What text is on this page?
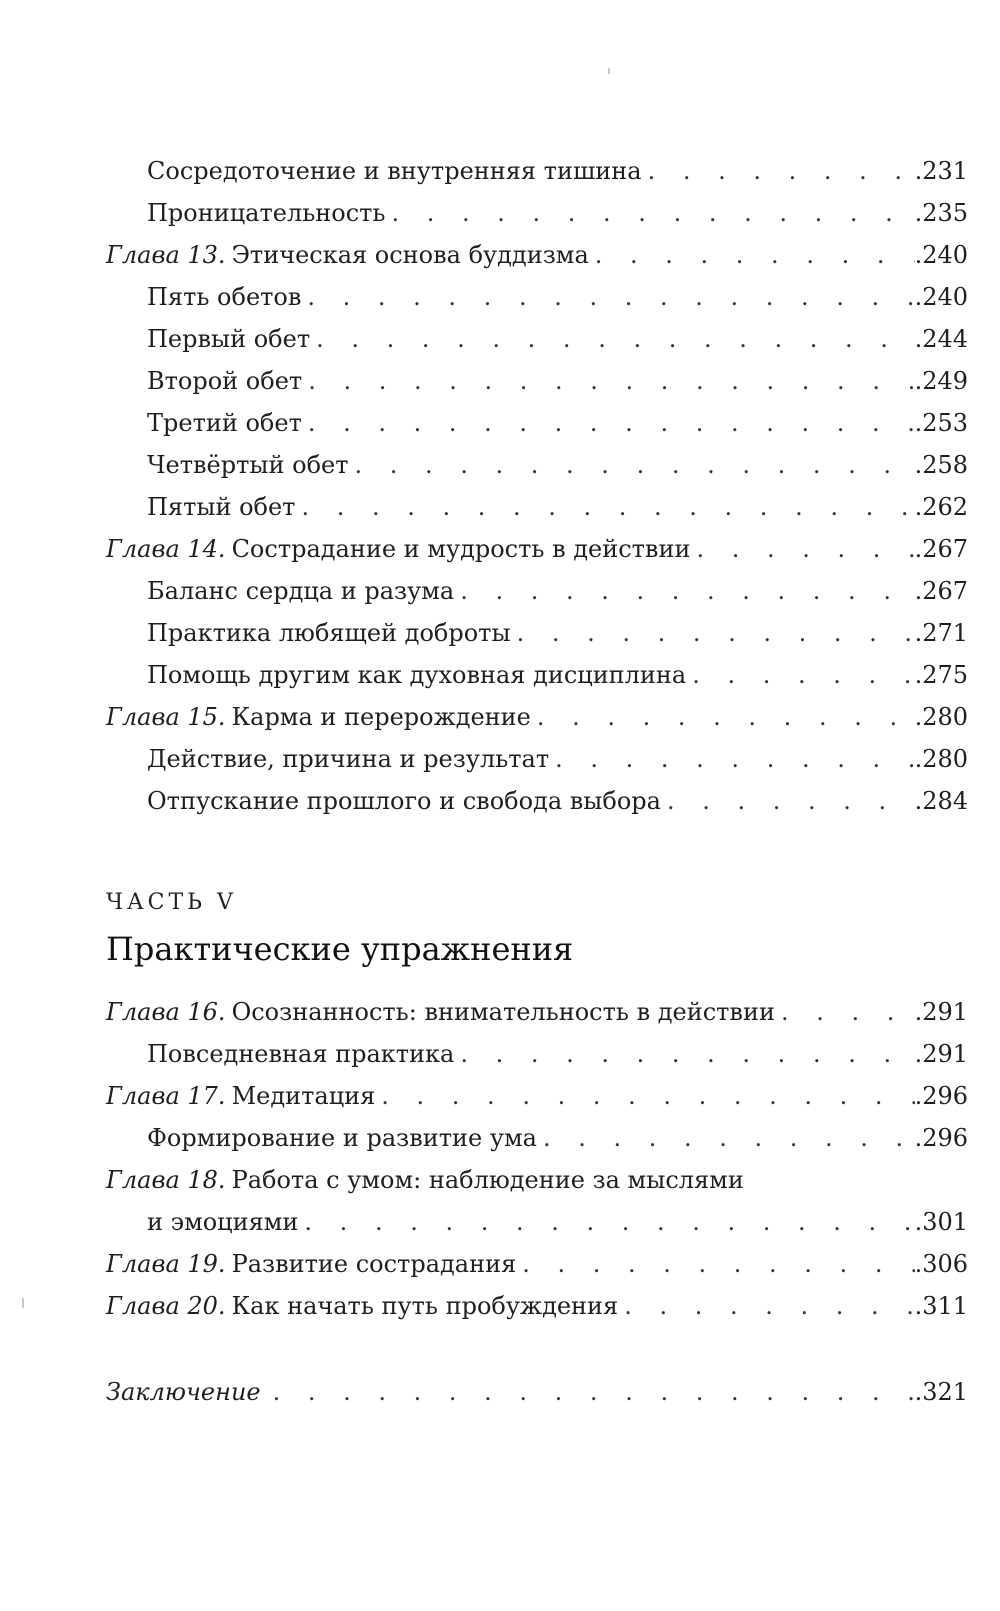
Сосредоточение и внутренняя тишина . . .	.231
Проницательность . . .	.235
Глава 13. Этическая основа буддизма . . .	.240
Пять обетов . . .	.240
Первый обет . . .	.244
Второй обет . . .	.249
Третий обет . . .	.253
Четвёртый обет . . .	.258
Пятый обет . . .	.262
Глава 14. Сострадание и мудрость в действии . . .	.267
Баланс сердца и разума . . .	.267
Практика любящей доброты . . .	.271
Помощь другим как духовная дисциплина . . .	.275
Глава 15. Карма и перерождение . . .	.280
Действие, причина и результат . . .	.280
Отпускание прошлого и свобода выбора . . .	.284
ЧАСТЬ V
Практические упражнения
Глава 16. Осознанность: внимательность в действии . . .	.291
Повседневная практика . . .	.291
Глава 17. Медитация . . .	.296
Формирование и развитие ума . . .	.296
Глава 18. Работа с умом: наблюдение за мыслями
и эмоциями . . .	.301
Глава 19. Развитие сострадания . . .	.306
Глава 20. Как начать путь пробуждения . . .	.311
Заключение . . .	.321
